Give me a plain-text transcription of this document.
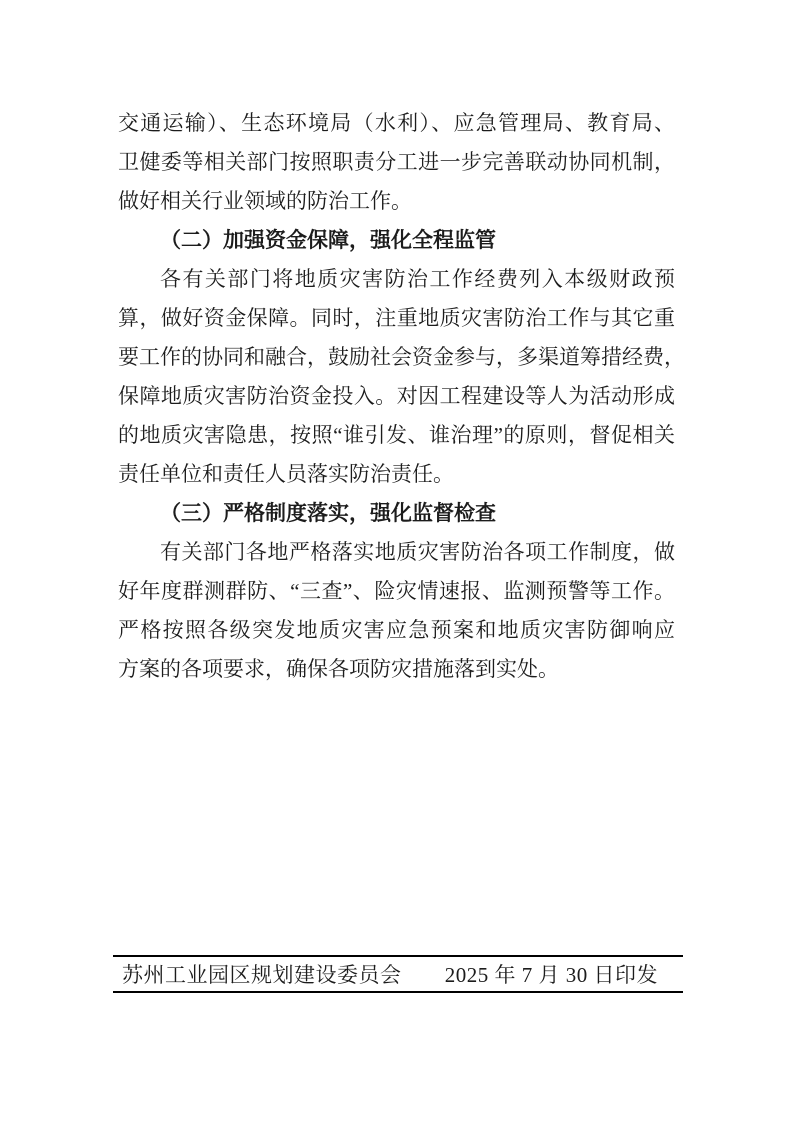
交通运输）、生态环境局（水利）、应急管理局、教育局、
卫健委等相关部门按照职责分工进一步完善联动协同机制，
做好相关行业领域的防治工作。
（二）加强资金保障，强化全程监管
各有关部门将地质灾害防治工作经费列入本级财政预
算，做好资金保障。同时，注重地质灾害防治工作与其它重
要工作的协同和融合，鼓励社会资金参与，多渠道筹措经费，
保障地质灾害防治资金投入。对因工程建设等人为活动形成
的地质灾害隐患，按照“谁引发、谁治理”的原则，督促相关
责任单位和责任人员落实防治责任。
（三）严格制度落实，强化监督检查
有关部门各地严格落实地质灾害防治各项工作制度，做
好年度群测群防、“三查”、险灾情速报、监测预警等工作。
严格按照各级突发地质灾害应急预案和地质灾害防御响应
方案的各项要求，确保各项防灾措施落到实处。
苏州工业园区规划建设委员会 2025 年 7 月 30 日印发
